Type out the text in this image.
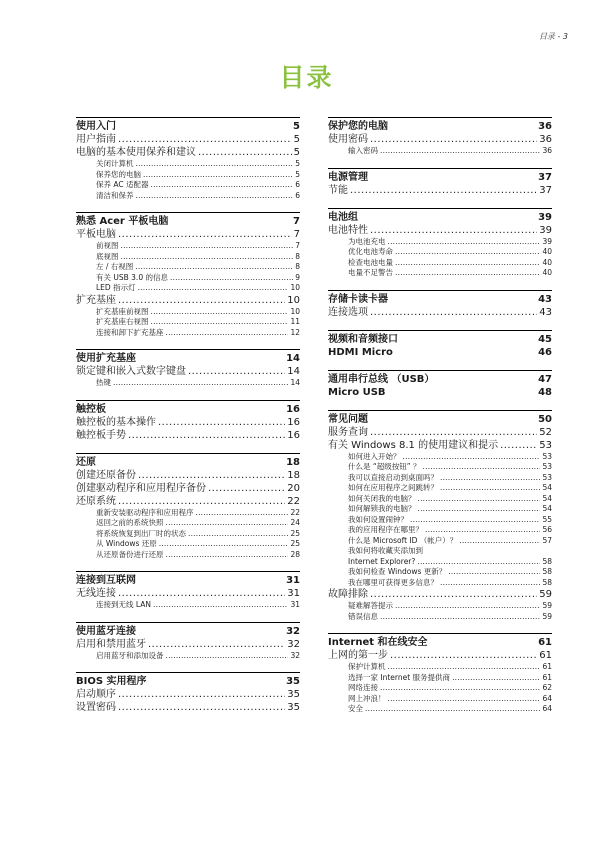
目录 - 3
目录
使用入门	5
用户指南 .....	5
电脑的基本使用保养和建议 .....	5
关闭计算机 .....	5
保养您的电脑 .....	5
保养 AC 适配器 .....	6
清洁和保养 .....	6
熟悉 Acer 平板电脑	7
平板电脑 .....	7
前视图 .....	7
底视图 .....	8
左 / 右视图 .....	8
有关 USB 3.0 的信息 .....	9
LED 指示灯 .....	10
扩充基座 .....	10
扩充基座前视图 .....	10
扩充基座右视图 .....	11
连接和卸下扩充基座 .....	12
使用扩充基座	14
锁定键和嵌入式数字键盘 .....	14
热键 .....	14
触控板	16
触控板的基本操作 .....	16
触控板手势 .....	16
还原	18
创建还原备份 .....	18
创建驱动程序和应用程序备份 .....	20
还原系统 .....	22
重新安装驱动程序和应用程序 .....	22
返回之前的系统快照 .....	24
将系统恢复到出厂时的状态 .....	25
从 Windows 还原 .....	25
从还原备份进行还原 .....	28
连接到互联网	31
无线连接 .....	31
连接到无线 LAN .....	31
使用蓝牙连接	32
启用和禁用蓝牙 .....	32
启用蓝牙和添加设备 .....	32
BIOS 实用程序	35
启动顺序 .....	35
设置密码 .....	35
保护您的电脑	36
使用密码 .....	36
输入密码 .....	36
电源管理	37
节能 .....	37
电池组	39
电池特性 .....	39
为电池充电 .....	39
优化电池寿命 .....	40
检查电池电量 .....	40
电量不足警告 .....	40
存储卡读卡器	43
连接选项 .....	43
视频和音频接口	45
HDMI Micro	46
通用串行总线 （USB）	47
Micro USB	48
常见问题	50
服务查询 .....	52
有关 Windows 8.1 的使用建议和提示 .....	53
如何进入开始？ .....	53
什么是 “超级按钮” ？ .....	53
我可以直接启动到桌面吗？ .....	53
如何在应用程序之间跳转？ .....	54
如何关闭我的电脑？ .....	54
如何解锁我的电脑？ .....	54
我如何设置闹钟？ .....	55
我的应用程序在哪里？ .....	56
什么是 Microsoft ID （帐户）？ .....	57
我如何将收藏夹添加到
Internet Explorer? .....	58
我如何检查 Windows 更新？ .....	58
我在哪里可获得更多信息？ .....	58
故障排除 .....	59
疑难解答提示 .....	59
错误信息 .....	59
Internet 和在线安全	61
上网的第一步 .....	61
保护计算机 .....	61
选择一家 Internet 服务提供商 .....	61
网络连接 .....	62
网上冲浪！ .....	64
安全 .....	64
